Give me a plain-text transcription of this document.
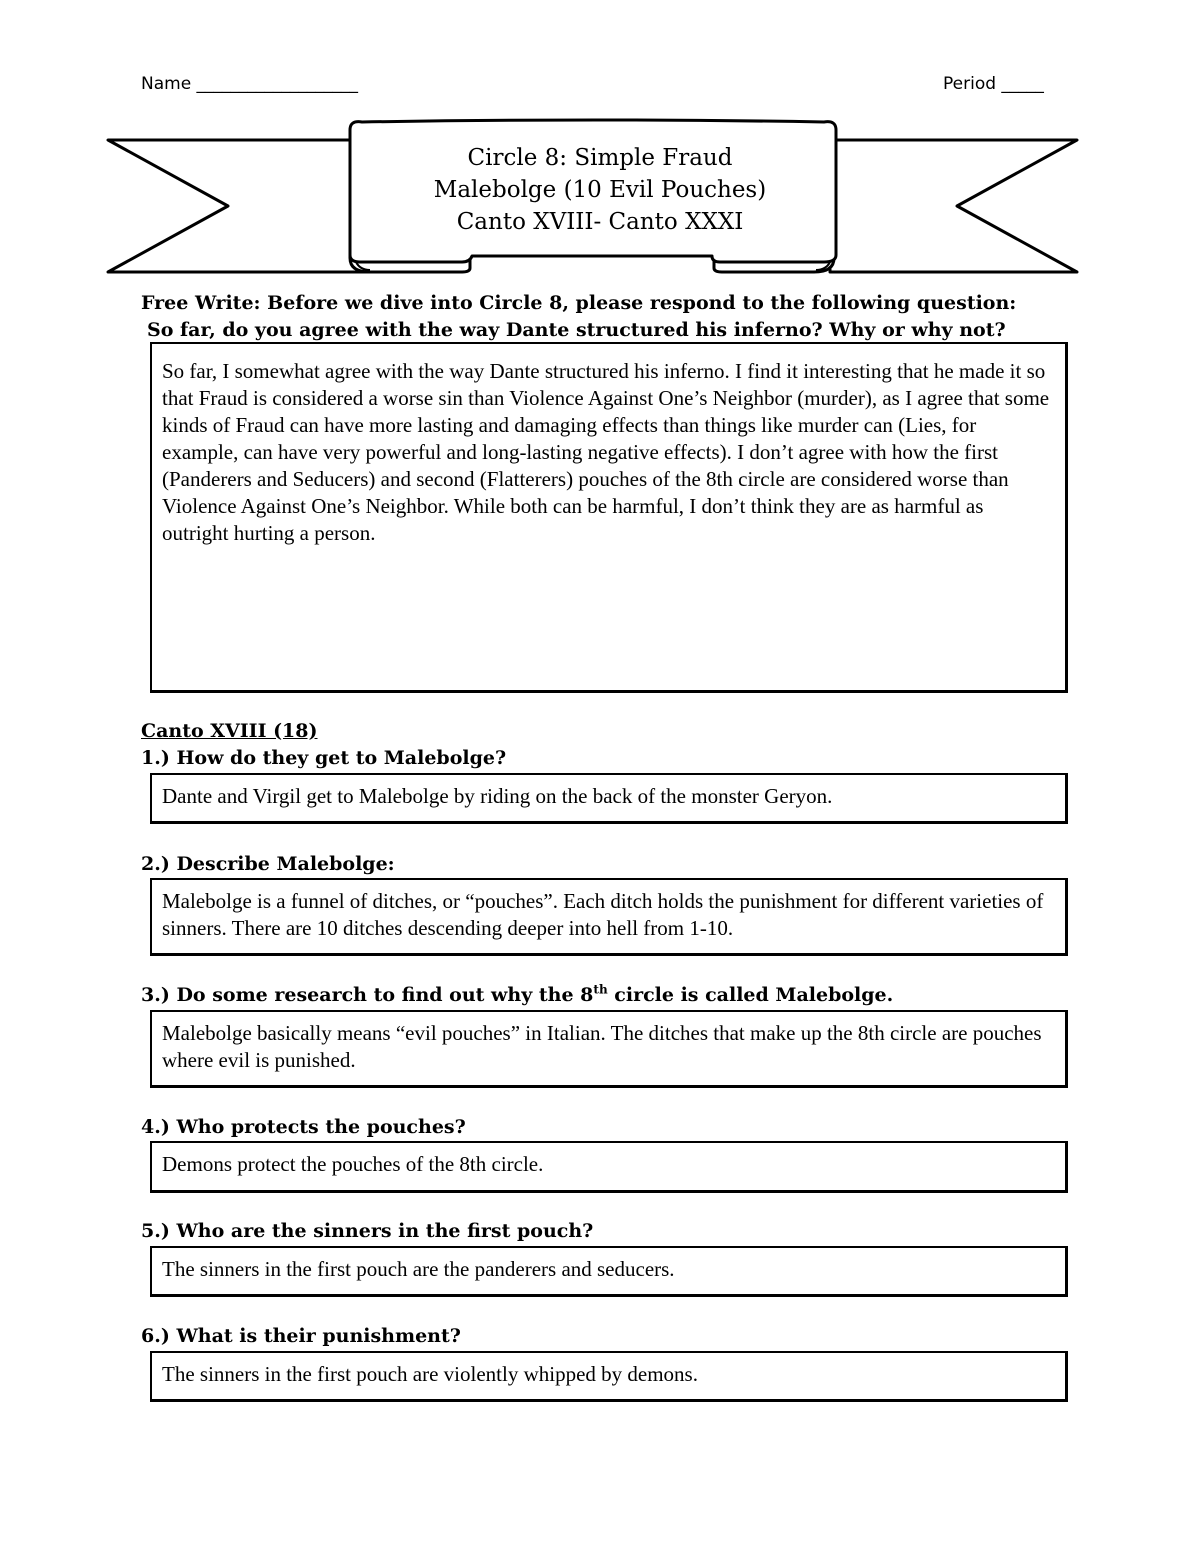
Name ___________________	Period _____
Circle 8: Simple Fraud
Malebolge (10 Evil Pouches)
Canto XVIII- Canto XXXI
Free Write: Before we dive into Circle 8, please respond to the following question:
So far, do you agree with the way Dante structured his inferno? Why or why not?
So far, I somewhat agree with the way Dante structured his inferno. I find it interesting that he made it so that Fraud is considered a worse sin than Violence Against One’s Neighbor (murder), as I agree that some kinds of Fraud can have more lasting and damaging effects than things like murder can (Lies, for example, can have very powerful and long-lasting negative effects). I don’t agree with how the first (Panderers and Seducers) and second (Flatterers) pouches of the 8th circle are considered worse than Violence Against One’s Neighbor. While both can be harmful, I don’t think they are as harmful as outright hurting a person.
Canto XVIII (18)
1.) How do they get to Malebolge?
Dante and Virgil get to Malebolge by riding on the back of the monster Geryon.
2.) Describe Malebolge:
Malebolge is a funnel of ditches, or “pouches”. Each ditch holds the punishment for different varieties of sinners. There are 10 ditches descending deeper into hell from 1-10.
3.) Do some research to find out why the 8th circle is called Malebolge.
Malebolge basically means “evil pouches” in Italian. The ditches that make up the 8th circle are pouches where evil is punished.
4.) Who protects the pouches?
Demons protect the pouches of the 8th circle.
5.) Who are the sinners in the first pouch?
The sinners in the first pouch are the panderers and seducers.
6.) What is their punishment?
The sinners in the first pouch are violently whipped by demons.
